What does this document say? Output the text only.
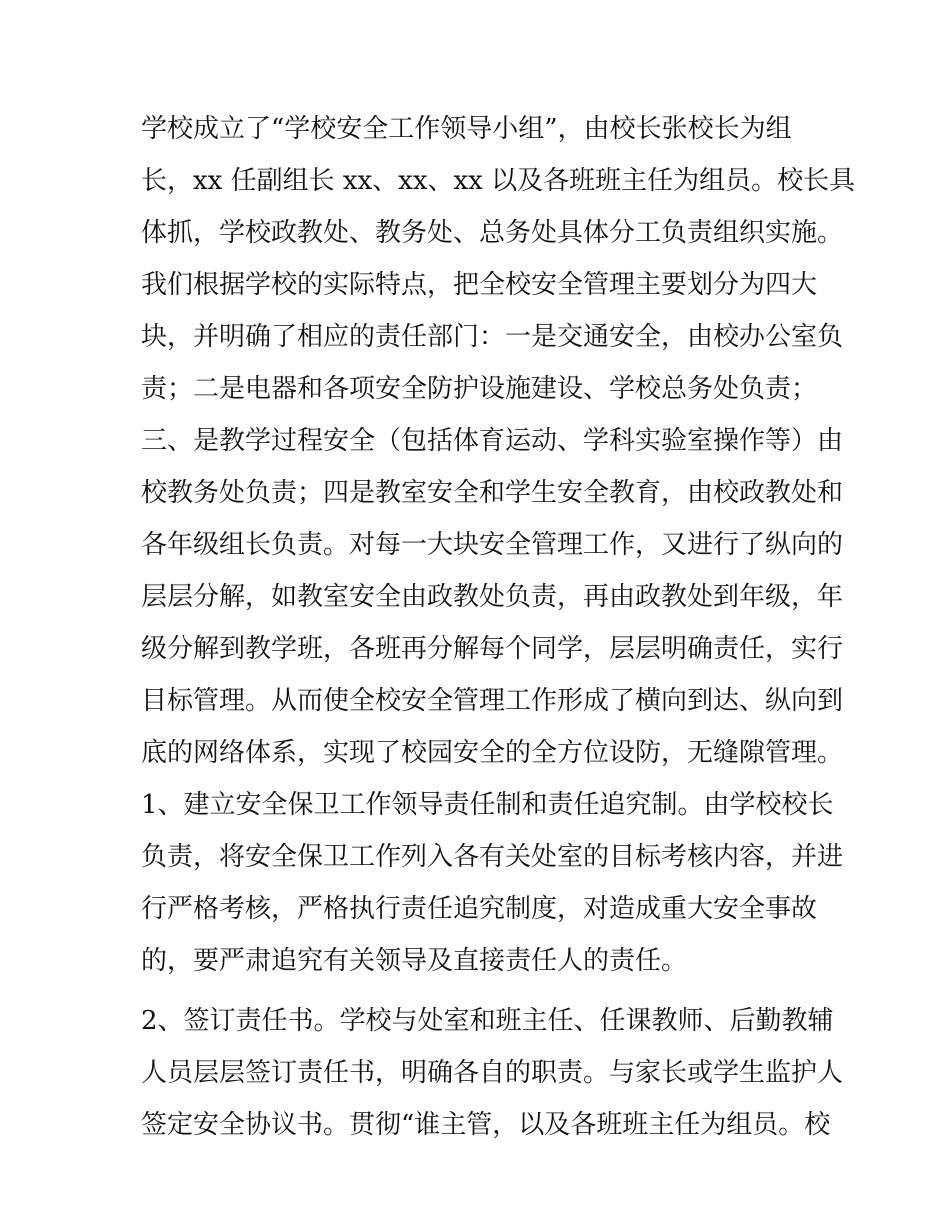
学校成立了“学校安全工作领导小组”，由校长张校长为组
长，xx 任副组长 xx、xx、xx 以及各班班主任为组员。校长具
体抓，学校政教处、教务处、总务处具体分工负责组织实施。
我们根据学校的实际特点，把全校安全管理主要划分为四大
块，并明确了相应的责任部门：一是交通安全，由校办公室负
责；二是电器和各项安全防护设施建设、学校总务处负责；
三、是教学过程安全（包括体育运动、学科实验室操作等）由
校教务处负责；四是教室安全和学生安全教育，由校政教处和
各年级组长负责。对每一大块安全管理工作，又进行了纵向的
层层分解，如教室安全由政教处负责，再由政教处到年级，年
级分解到教学班，各班再分解每个同学，层层明确责任，实行
目标管理。从而使全校安全管理工作形成了横向到达、纵向到
底的网络体系，实现了校园安全的全方位设防，无缝隙管理。
1、建立安全保卫工作领导责任制和责任追究制。由学校校长
负责，将安全保卫工作列入各有关处室的目标考核内容，并进
行严格考核，严格执行责任追究制度，对造成重大安全事故
的，要严肃追究有关领导及直接责任人的责任。
2、签订责任书。学校与处室和班主任、任课教师、后勤教辅
人员层层签订责任书，明确各自的职责。与家长或学生监护人
签定安全协议书。贯彻“谁主管，以及各班班主任为组员。校
